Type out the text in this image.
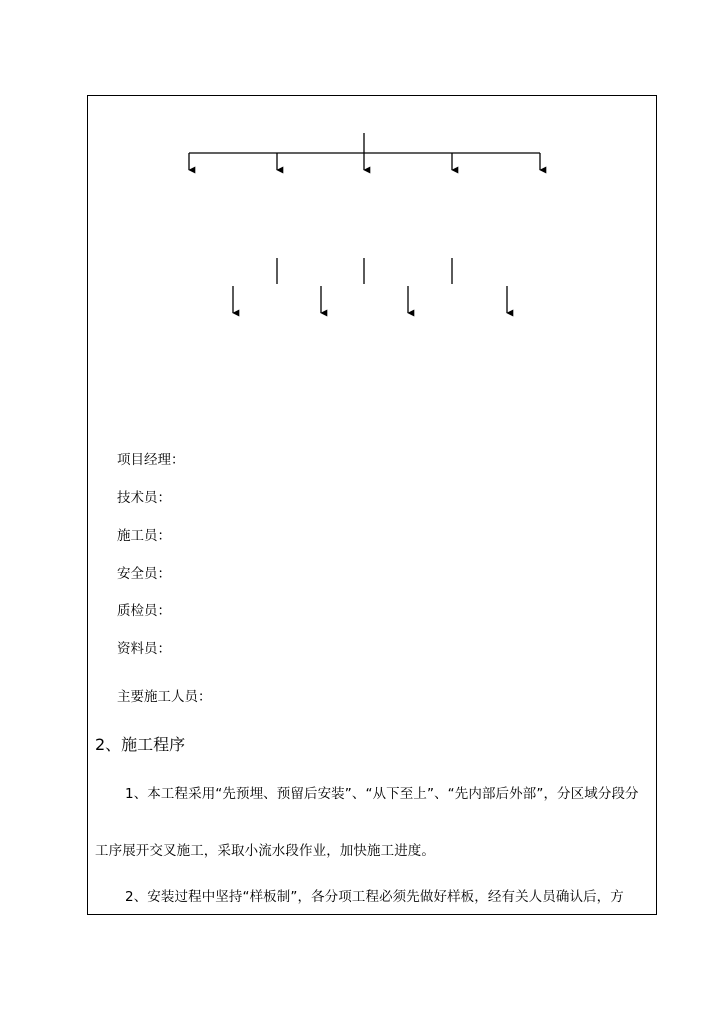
项目经理：
技术员：
施工员：
安全员：
质检员：
资料员：
主要施工人员：
2、施工程序
1、本工程采用“先预埋、预留后安装”、“从下至上”、“先内部后外部”，分区域分段分
工序展开交叉施工，采取小流水段作业，加快施工进度。
2、安装过程中坚持“样板制”，各分项工程必须先做好样板，经有关人员确认后，方
